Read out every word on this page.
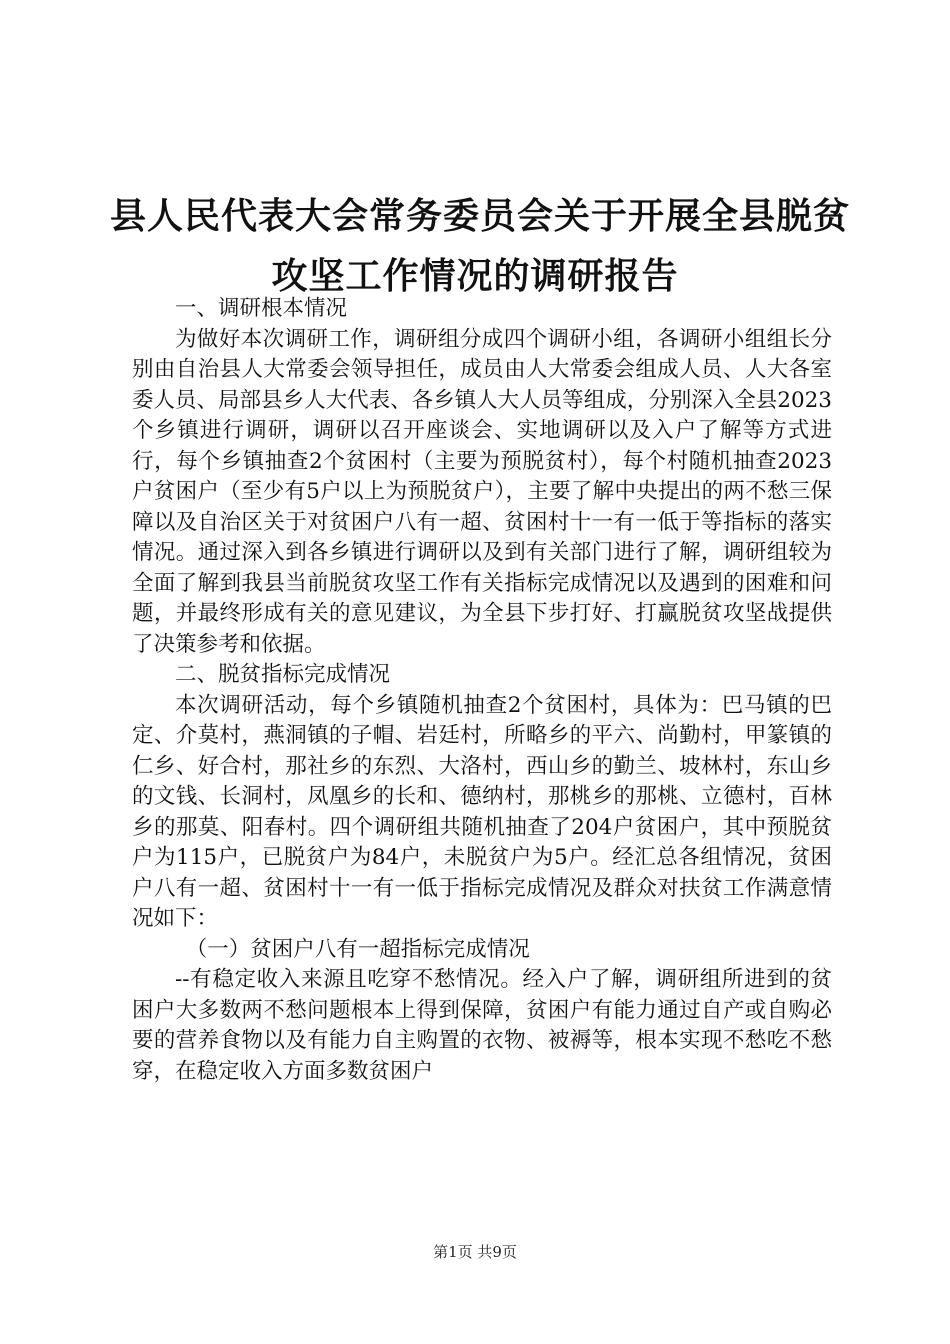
县人民代表大会常务委员会关于开展全县脱贫
攻坚工作情况的调研报告

一、调研根本情况

为做好本次调研工作，调研组分成四个调研小组，各调研小组组长分别由自治县人大常委会领导担任，成员由人大常委会组成人员、人大各室委人员、局部县乡人大代表、各乡镇人大人员等组成，分别深入全县2023个乡镇进行调研，调研以召开座谈会、实地调研以及入户了解等方式进行，每个乡镇抽查2个贫困村（主要为预脱贫村），每个村随机抽查2023户贫困户（至少有5户以上为预脱贫户），主要了解中央提出的两不愁三保障以及自治区关于对贫困户八有一超、贫困村十一有一低于等指标的落实情况。通过深入到各乡镇进行调研以及到有关部门进行了解，调研组较为全面了解到我县当前脱贫攻坚工作有关指标完成情况以及遇到的困难和问题，并最终形成有关的意见建议，为全县下步打好、打赢脱贫攻坚战提供了决策参考和依据。

二、脱贫指标完成情况

本次调研活动，每个乡镇随机抽查2个贫困村，具体为：巴马镇的巴定、介莫村，燕洞镇的子帽、岩廷村，所略乡的平六、尚勤村，甲篆镇的仁乡、好合村，那社乡的东烈、大洛村，西山乡的勤兰、坡林村，东山乡的文钱、长洞村，凤凰乡的长和、德纳村，那桃乡的那桃、立德村，百林乡的那莫、阳春村。四个调研组共随机抽查了204户贫困户，其中预脱贫户为115户，已脱贫户为84户，未脱贫户为5户。经汇总各组情况，贫困户八有一超、贫困村十一有一低于指标完成情况及群众对扶贫工作满意情况如下：

（一）贫困户八有一超指标完成情况

--有稳定收入来源且吃穿不愁情况。经入户了解，调研组所进到的贫困户大多数两不愁问题根本上得到保障，贫困户有能力通过自产或自购必要的营养食物以及有能力自主购置的衣物、被褥等，根本实现不愁吃不愁穿，在稳定收入方面多数贫困户

第1页 共9页
